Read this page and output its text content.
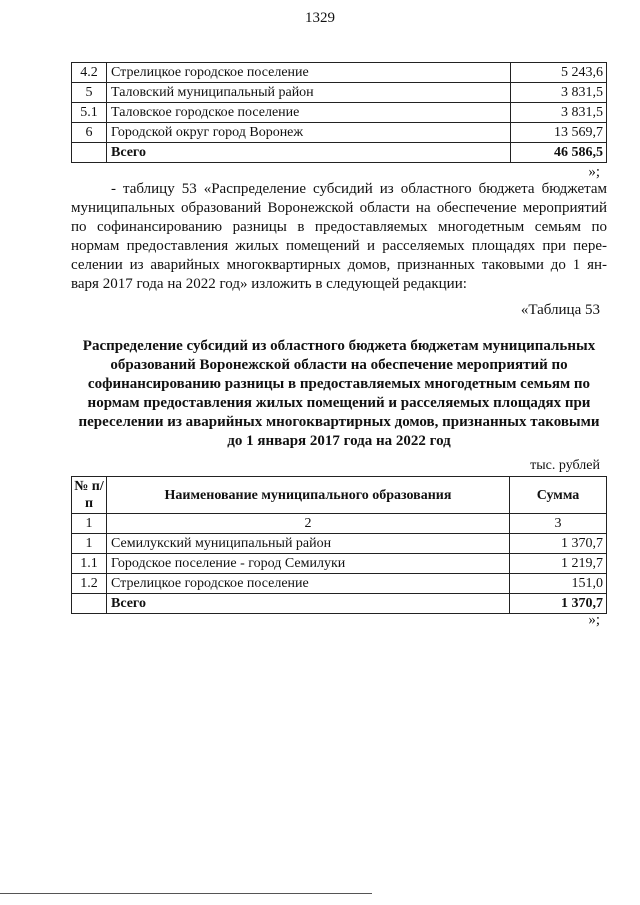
1329
4.2	Стрелицкое городское поселение	5 243,6
5	Таловский муниципальный район	3 831,5
5.1	Таловское городское поселение	3 831,5
6	Городской округ город Воронеж	13 569,7
	Всего	46 586,5
»;
- таблицу 53 «Распределение субсидий из областного бюджета бюджетам
муниципальных образований Воронежской области на обеспечение мероприятий
по софинансированию разницы в предоставляемых многодетным семьям по
нормам предоставления жилых помещений и расселяемых площадях при пере-
селении из аварийных многоквартирных домов, признанных таковыми до 1 ян-
варя 2017 года на 2022 год» изложить в следующей редакции:
«Таблица 53
Распределение субсидий из областного бюджета бюджетам муниципальных
образований Воронежской области на обеспечение мероприятий по
софинансированию разницы в предоставляемых многодетным семьям по
нормам предоставления жилых помещений и расселяемых площадях при
переселении из аварийных многоквартирных домов, признанных таковыми
до 1 января 2017 года на 2022 год
тыс. рублей
№ п/п	Наименование муниципального образования	Сумма
1	2	3
1	Семилукский муниципальный район	1 370,7
1.1	Городское поселение - город Семилуки	1 219,7
1.2	Стрелицкое городское поселение	151,0
	Всего	1 370,7
»;
